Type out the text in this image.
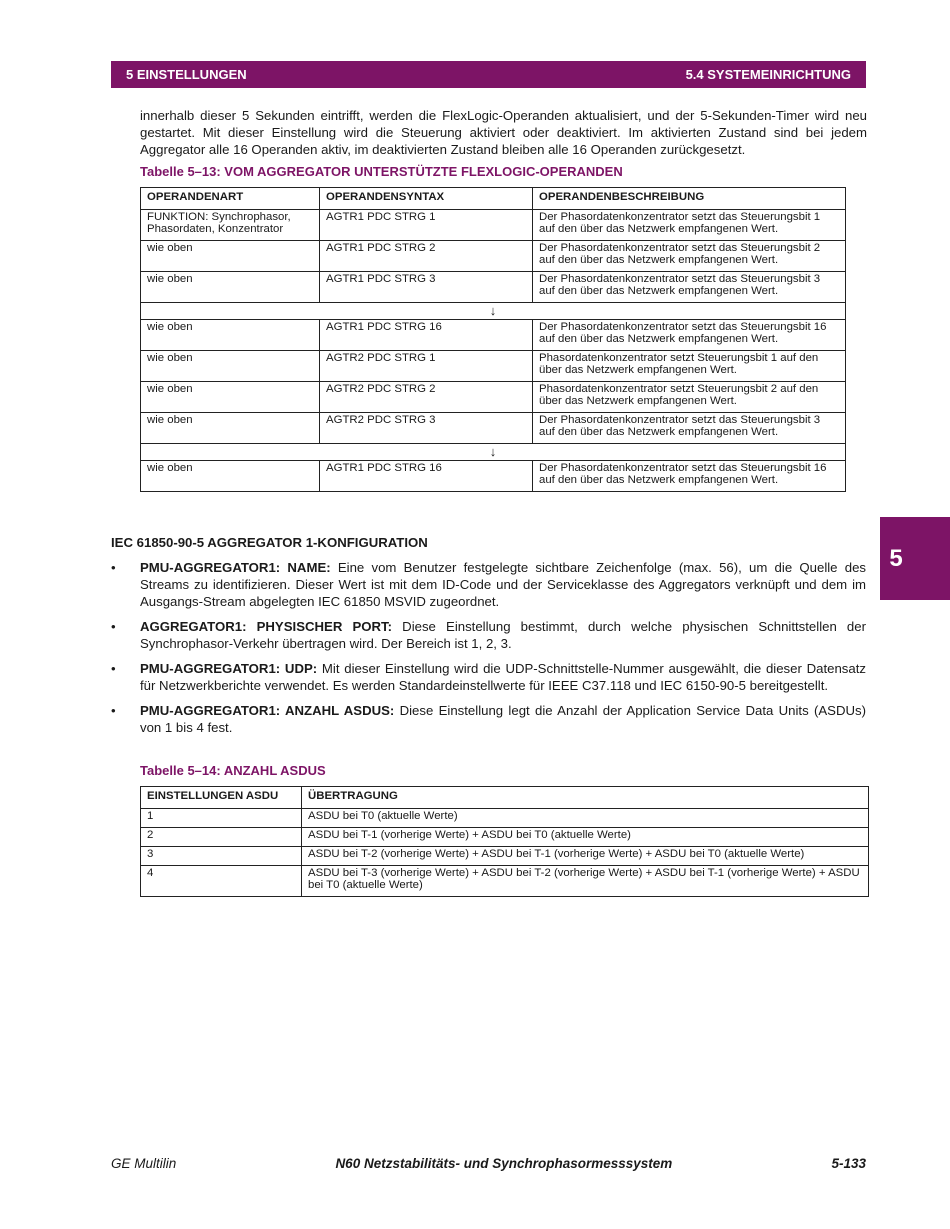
5 EINSTELLUNGEN	5.4 SYSTEMEINRICHTUNG

innerhalb dieser 5 Sekunden eintrifft, werden die FlexLogic-Operanden aktualisiert, und der 5-Sekunden-Timer wird neu gestartet. Mit dieser Einstellung wird die Steuerung aktiviert oder deaktiviert. Im aktivierten Zustand sind bei jedem Aggregator alle 16 Operanden aktiv, im deaktivierten Zustand bleiben alle 16 Operanden zurückgesetzt.

Tabelle 5–13: VOM AGGREGATOR UNTERSTÜTZTE FLEXLOGIC-OPERANDEN
OPERANDENART	OPERANDENSYNTAX	OPERANDENBESCHREIBUNG
FUNKTION: Synchrophasor, Phasordaten, Konzentrator	AGTR1 PDC STRG 1	Der Phasordatenkonzentrator setzt das Steuerungsbit 1 auf den über das Netzwerk empfangenen Wert.
wie oben	AGTR1 PDC STRG 2	Der Phasordatenkonzentrator setzt das Steuerungsbit 2 auf den über das Netzwerk empfangenen Wert.
wie oben	AGTR1 PDC STRG 3	Der Phasordatenkonzentrator setzt das Steuerungsbit 3 auf den über das Netzwerk empfangenen Wert.
↓		
wie oben	AGTR1 PDC STRG 16	Der Phasordatenkonzentrator setzt das Steuerungsbit 16 auf den über das Netzwerk empfangenen Wert.
wie oben	AGTR2 PDC STRG 1	Phasordatenkonzentrator setzt Steuerungsbit 1 auf den über das Netzwerk empfangenen Wert.
wie oben	AGTR2 PDC STRG 2	Phasordatenkonzentrator setzt Steuerungsbit 2 auf den über das Netzwerk empfangenen Wert.
wie oben	AGTR2 PDC STRG 3	Der Phasordatenkonzentrator setzt das Steuerungsbit 3 auf den über das Netzwerk empfangenen Wert.
↓		
wie oben	AGTR1 PDC STRG 16	Der Phasordatenkonzentrator setzt das Steuerungsbit 16 auf den über das Netzwerk empfangenen Wert.
IEC 61850-90-5 AGGREGATOR 1-KONFIGURATION
•	PMU-AGGREGATOR1: NAME: Eine vom Benutzer festgelegte sichtbare Zeichenfolge (max. 56), um die Quelle des Streams zu identifizieren. Dieser Wert ist mit dem ID-Code und der Serviceklasse des Aggregators verknüpft und dem im Ausgangs-Stream abgelegten IEC 61850 MSVID zugeordnet.
•	AGGREGATOR1: PHYSISCHER PORT: Diese Einstellung bestimmt, durch welche physischen Schnittstellen der Synchrophasor-Verkehr übertragen wird. Der Bereich ist 1, 2, 3.
•	PMU-AGGREGATOR1: UDP: Mit dieser Einstellung wird die UDP-Schnittstelle-Nummer ausgewählt, die dieser Datensatz für Netzwerkberichte verwendet. Es werden Standardeinstellwerte für IEEE C37.118 und IEC 6150-90-5 bereitgestellt.
•	PMU-AGGREGATOR1: ANZAHL ASDUS: Diese Einstellung legt die Anzahl der Application Service Data Units (ASDUs) von 1 bis 4 fest.
Tabelle 5–14: ANZAHL ASDUS
EINSTELLUNGEN ASDU	ÜBERTRAGUNG
1	ASDU bei T0 (aktuelle Werte)
2	ASDU bei T-1 (vorherige Werte) + ASDU bei T0 (aktuelle Werte)
3	ASDU bei T-2 (vorherige Werte) + ASDU bei T-1 (vorherige Werte) + ASDU bei T0 (aktuelle Werte)
4	ASDU bei T-3 (vorherige Werte) + ASDU bei T-2 (vorherige Werte) + ASDU bei T-1 (vorherige Werte) + ASDU bei T0 (aktuelle Werte)
5
GE Multilin	N60 Netzstabilitäts- und Synchrophasormesssystem	5-133
